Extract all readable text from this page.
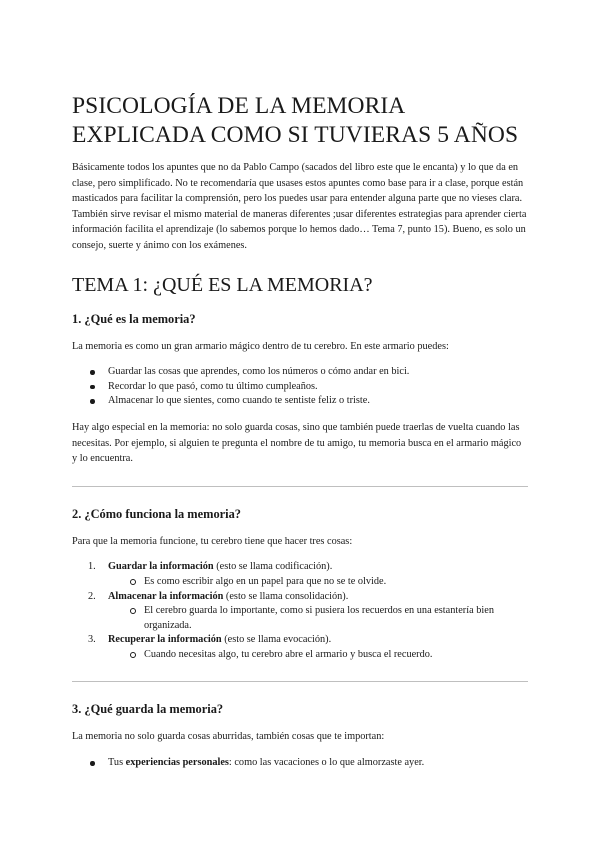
PSICOLOGÍA DE LA MEMORIA
EXPLICADA COMO SI TUVIERAS 5 AÑOS

Básicamente todos los apuntes que no da Pablo Campo (sacados del libro este que le encanta) y lo que da en clase, pero simplificado. No te recomendaría que usases estos apuntes como base para ir a clase, porque están masticados para facilitar la comprensión, pero los puedes usar para entender alguna parte que no vieses clara. También sirve revisar el mismo material de maneras diferentes ;usar diferentes estrategias para aprender cierta información facilita el aprendizaje (lo sabemos porque lo hemos dado… Tema 7, punto 15). Bueno, es solo un consejo, suerte y ánimo con los exámenes.

TEMA 1: ¿QUÉ ES LA MEMORIA?
1. ¿Qué es la memoria?

La memoria es como un gran armario mágico dentro de tu cerebro. En este armario puedes:

Guardar las cosas que aprendes, como los números o cómo andar en bici.
Recordar lo que pasó, como tu último cumpleaños.
Almacenar lo que sientes, como cuando te sentiste feliz o triste.

Hay algo especial en la memoria: no solo guarda cosas, sino que también puede traerlas de vuelta cuando las necesitas. Por ejemplo, si alguien te pregunta el nombre de tu amigo, tu memoria busca en el armario mágico y lo encuentra.

2. ¿Cómo funciona la memoria?

Para que la memoria funcione, tu cerebro tiene que hacer tres cosas:

1. Guardar la información (esto se llama codificación).
Es como escribir algo en un papel para que no se te olvide.
2. Almacenar la información (esto se llama consolidación).
El cerebro guarda lo importante, como si pusiera los recuerdos en una estantería bien organizada.
3. Recuperar la información (esto se llama evocación).
Cuando necesitas algo, tu cerebro abre el armario y busca el recuerdo.
3. ¿Qué guarda la memoria?

La memoria no solo guarda cosas aburridas, también cosas que te importan:

Tus experiencias personales: como las vacaciones o lo que almorzaste ayer.
